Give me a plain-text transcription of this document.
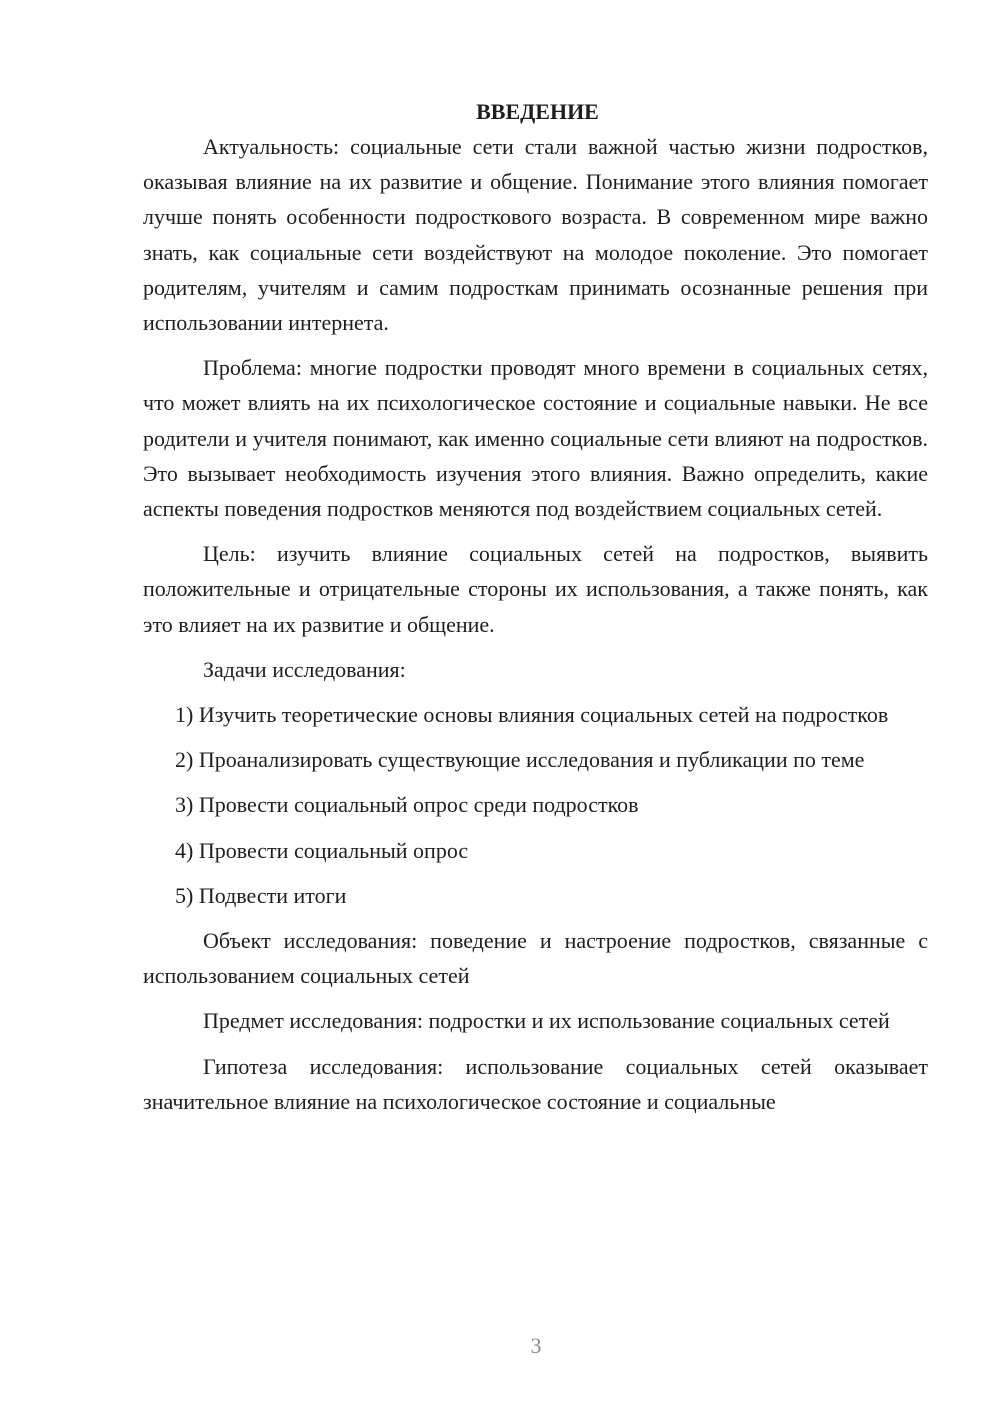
ВВЕДЕНИЕ

Актуальность: социальные сети стали важной частью жизни подростков, оказывая влияние на их развитие и общение. Понимание этого влияния помогает лучше понять особенности подросткового возраста. В современном мире важно знать, как социальные сети воздействуют на молодое поколение. Это помогает родителям, учителям и самим подросткам принимать осознанные решения при использовании интернета.

Проблема: многие подростки проводят много времени в социальных сетях, что может влиять на их психологическое состояние и социальные навыки. Не все родители и учителя понимают, как именно социальные сети влияют на подростков. Это вызывает необходимость изучения этого влияния. Важно определить, какие аспекты поведения подростков меняются под воздействием социальных сетей.

Цель: изучить влияние социальных сетей на подростков, выявить положительные и отрицательные стороны их использования, а также понять, как это влияет на их развитие и общение.

Задачи исследования:

1) Изучить теоретические основы влияния социальных сетей на подростков

2) Проанализировать существующие исследования и публикации по теме

3) Провести социальный опрос среди подростков

4) Провести социальный опрос

5) Подвести итоги

Объект исследования: поведение и настроение подростков, связанные с использованием социальных сетей

Предмет исследования: подростки и их использование социальных сетей

Гипотеза исследования: использование социальных сетей оказывает значительное влияние на психологическое состояние и социальные

3
